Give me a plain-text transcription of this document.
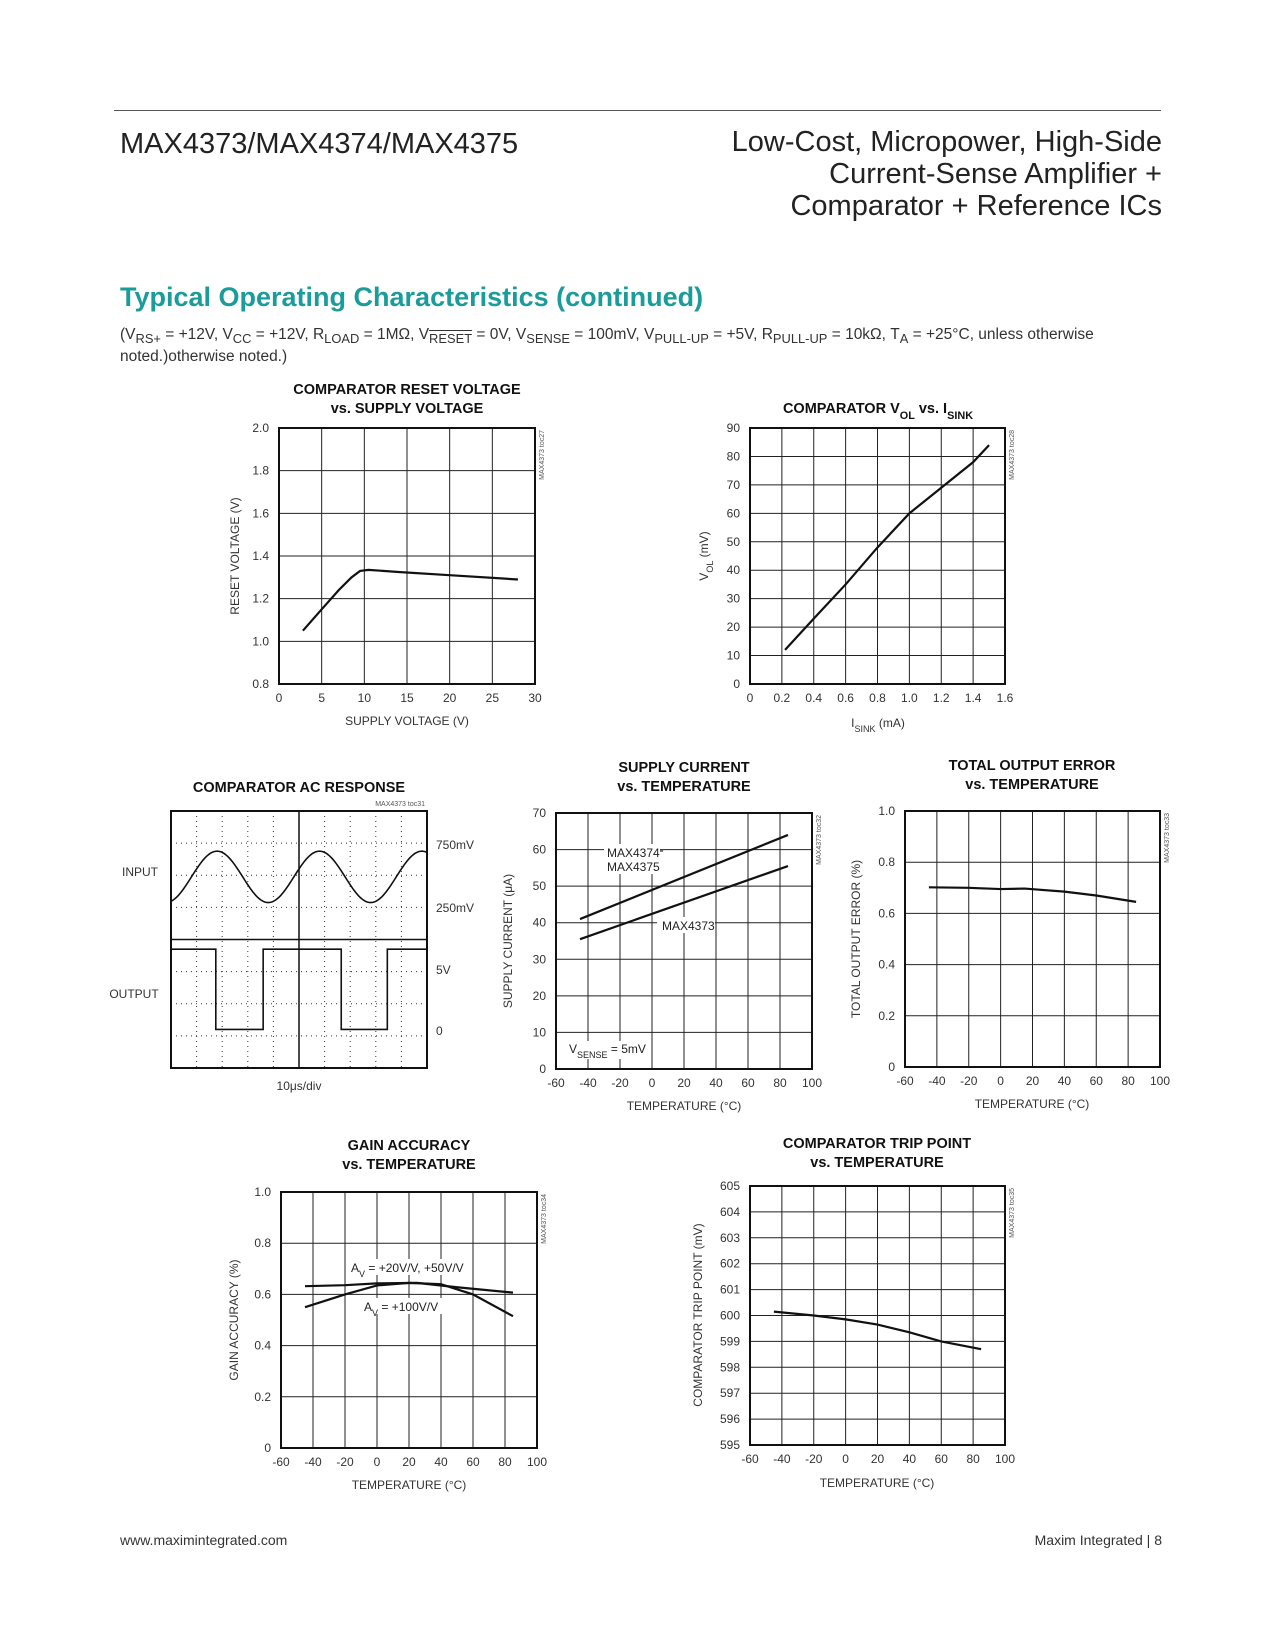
MAX4373/MAX4374/MAX4375	Low-Cost, Micropower, High-Side
Current-Sense Amplifier +
Comparator + Reference ICs
Typical Operating Characteristics (continued)
($V_{RS+} = +12V$, $V_{CC} = +12V$, $R_{LOAD} = 1M\Omega$, $V_{RESET} = 0V$, $V_{SENSE} = 100mV$, $V_{PULL-UP} = +5V$, $R_{PULL-UP} = 10k\Omega$, $T_A = +25^\circ C$, unless otherwise noted.)otherwise noted.)
0	5	10 15 20 25 30
0.8
1.0
1.2
1.4
1.6
1.8
2.0
MAX4373 toc27
COMPARATOR RESET VOLTAGE
vs. SUPPLY VOLTAGE
SUPPLY VOLTAGE (V)
RESET VOLTAGE (V)
0 0.2 0.4 0.6 0.8 1.0 1.2 1.4 1.6
0
10
20
30
40
50
60
70
80
90
MAX4373 toc28
COMPARATOR $V_{OL}$ vs. $I_{SINK}$
$I_{SINK}$ (mA)
$V_{OL}$ (mV)
COMPARATOR AC RESPONSE
MAX4373 toc31
INPUT
OUTPUT
750mV
250mV
5V
0
10μs/div	-60 -40 -20 0 20 40 60 80 100
0
10
20
30
40
50
60
70
MAX4373 toc32
SUPPLY CURRENT
vs. TEMPERATURE
TEMPERATURE (°C)
SUPPLY CURRENT (μA)
MAX4374
MAX4375
MAX4373
$V_{SENSE} = 5mV$
-60 -40 -20 0 20 40 60 80 100
0
0.2
0.4
0.6
0.8
1.0
MAX4373 toc33
TOTAL OUTPUT ERROR
vs. TEMPERATURE
TEMPERATURE (°C)
TOTAL OUTPUT ERROR (%)
-60 -40 -20 0 20 40 60 80 100
0
0.2
0.4
0.6
0.8
1.0
MAX4373 toc34
GAIN ACCURACY
vs. TEMPERATURE
TEMPERATURE (°C)
GAIN ACCURACY (%)	$A_V = +20V/V$, +50V/V
$A_V = +100V/V$
-60 -40 -20 0 20 40 60 80 100
595
596
597
598
599
600
601
602
603
604
605
MAX4373 toc35
COMPARATOR TRIP POINT
vs. TEMPERATURE
TEMPERATURE (°C)
COMPARATOR TRIP POINT (mV)
www.maximintegrated.com	Maxim Integrated | 8
